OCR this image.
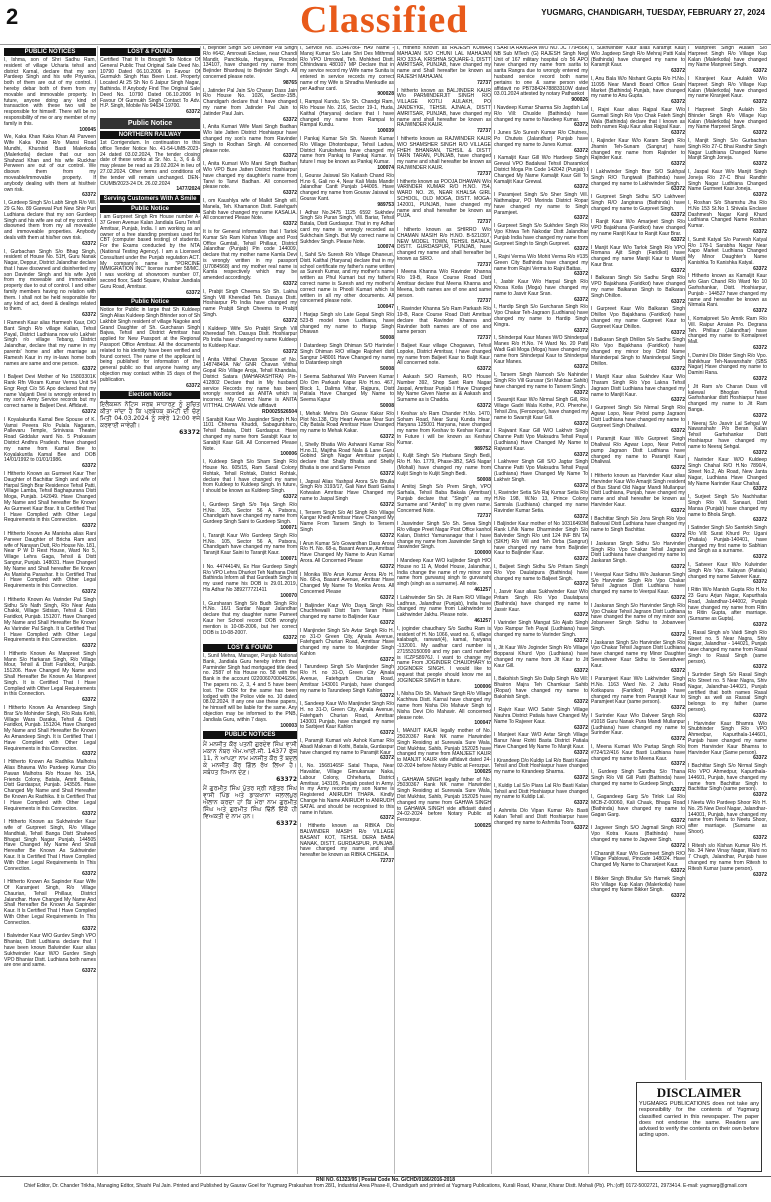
2	Classified	YUGMARG, CHANDIGARH, TUESDAY, FEBRUARY 27, 2024
PUBLIC NOTICES
I, Ishma, son of Shri Sadhu Ram, resident of village Ucharia tehsil and district Karnal, declare that my son Pardeep Singh and his wife Priyanka, both of them are out of my control. I hereby debar both of them from my movable and immovable property. In future, anyone doing any kind of transaction with these two will be responsible for himself. There will be no responsibility of me or any member of my family in this.
100045
We, Kaka Khan Kaka Khan Ali Parveen Wife Kaka Khan R/o Mansi Road Mundhi, Khurshid Basti Malerkotla (Malerkotla) declare that our son Shahzad Khan and his wife Ruckhar Perween are out of our control. We disown them from my moveable/immovable property. If anybody dealing with them at his/their own risk.
63372
I, Gurdeep Singh S/o Labh Singh R/o Vill. 29 G.No. 89 Garewal Puri New Shiv Puri Ludhiana declare that my son Gurdeep Singh and his wife are out of my control. I disowned them from my all moveable and immoveable properties. Anybody deals with them at his/her own risk.
63372
I, Gurbachan Singh S/o Bhag Singh, resident of House No. 51H, Guru Nanak Nagar, Deppur, District Jalandhar declare that I have disowned and disinherited my son Davinder Singh and his wife Jyoti from my moveable and immoveable property due to out of control. I and other family members having no relation with them. I shall not be held responsible for any kind of act, deed & dealings related to them.
63372
I Ramesh Kaur alias Harmesh Kaur, D/O Bant Singh R/o village Kalian, Tehsil Payal, District Ludhiana now w/o Lakhvir Singh r/o village Tebang, District Jalandhar, declare that my name in my parents' home and after marriage as Ramesh Kaur in my in-laws home both names are same and one person.
63372
I Baljeet Devi Mother of No 15803301K Rank Rfn Vikram Kumar Verma Unit 54 Engr Regt C/o 56 Apo declared that my name Valjanti Devi is wrongly entered in my son's Army Service records but my correct name is Baljeet Devi. Affidavit.
63372
I Koyalakuntla Kamal Bee Spouse of K. Vamsi Peeera R/o Pulala Nagaram, Pallevaru Temple, Srinivasa Theater Road Giddalur ward No. 5 Prakasam District Andhra Pradesh. Have changed my name from Kamal Bee to Koyalakuntla Kamal Bee and DOB 14/01/1992 to 01/01/1986.
63372
I Hitherto Known as Gurmeet Kaur Ther Daughter of Bachittar Singh and wife of Harpal Singh Brar Residence Tehsil Patti, Village Lamba, Tehsil Baghapurana Distt Moga, Punjab. 142049. Have Changed My Name and Shall hereafter Be Known As Gurmeet Kaur Brar. It is Certified That I Have Complied with Other Legal Requirements in this Connection.
63372
I Hitherto Known As Manisha alias Rani Parveer Daughter of Bricha Ram and wife of Narayan Dutt, R/o House No. 181, Near P W D Rest House, Ward No 5, Village Lehra Gaga, Tehsil & Distt Sangrur, Punjab. 148031. Have Changed My Name and Shall hereafter Be Known As Manisha Parashar. It is Certified That I Have Complied with Other Legal Requirements in this Connection.
63372
I Hitherto Known As Varinder Pal Singh Sidhu S/o Nath Singh, R/o Near Aata Chakki, Village Sidsian, Tehsil & Distt Faridkot, Punjab. 151207. Have Changed My Name and Shall Hereafter Be Known As Varinder Pal Singh. It is Certified That I Have Complied with Other Legal Requirements in this Connection.
63372
I Hitherto Known As Manpreet Singh Mann S/o Harkaran Singh, R/o Village Mour, Tehsil & Distt Faridkot, Punjab. 151206. Have Changed My Name and Shall Hereafter Be Known As Manpreet Singh. It is Certified That I Have Complied with Other Legal Requirements in this Connection.
63372
I Hitherto Known As Amandeep Singh Brar S/o Mohinder Singh, R/o Rata Kehli, Village Wara Daraka, Tehsil & Distt Faridkot, Punjab. 151204. Have Changed My Name and Shall Hereafter Be Known As Amandeep Singh. It is Certified That I Have Complied with Other Legal Requirements in this Connection.
63372
I Hitherto Known As Radhika Malhotra Alias Bhawna W/o Pardeep Kumar D/o Pawan Malhotra R/o House No. 15A, Friends Colony, Batala, Amrit Batala, Distt Gurdaspur, Punjab. 143505. Have Changed My Name and Shall Hereafter Be Known As Radhika. It is Certified That I Have Complied with Other Legal Requirements in this Connection.
63372
I Hitherto Known as Sukhwinder Kaur wife of Gurpreet Singh, R/o Village Mandhiali, Tehsil Banga Distt Shaheed Bhagat Singh Nagar Punjab, 144505 Have Changed My Name And Shall Hereafter Be Known As Sukhwinder Kaur. It is Certified That I Have Complied With Other Legal Requirements In This Connection.
63372
I Hitherto Known As Sapinder Kaur Wife Of Karamjeet Singh, R/o Village Chaurian, Tehsil Phillaur, District Jalandhar. Have Changed My Name And Shall Hereafter Be Known As Sapinder Kaur. It Is Certified That I Have Complied With Other Legal Requirements In This Connection.
63372
I Balwinder Kaur W/O Gurdev Singh VPO Bhaniar, Distt Ludhiana declare that I have been known Balwinder Kaur alias Sukhwinder Kaur W/O Gurdev Singh VPO Bhaniar Distt. Ludhiana both names are one and same.
63372
LOST & FOUND
Certified That It Is Brought To Notice Of General Public That Original Sale Deed No. 10790 Dated 06.10.2006 in Favour Of Gurmukh Singh Has Been Lost. Property Located At 25 Sh No 6 Jaipur Singh Nagar, Bathinda. If Anybody Find The Original Sale Deed No. 10790 Dated 06.10.2006 In Favour Of Gurmukh Singh Contact To Adv. H.P. Singh, Mobile No 94634 19700.
63372
Public Notice
NORTHERN RAILWAY
1st Corrigendum. In continuation to this office Tender Notice No. 41-54-UMB-2023-24 dated 03.02.2024, The tender closing date of these works at Sr. No. 1, 3, 6 & 8 may please be read as 29.02.2024 in lieu of 27.02.2024. Other terms and conditions of the tender will remain unchanged. DEN-C/UMB/2023-24 Dt. 26.02.2024
1477/2024
Serving Customers With A Smile
Public Notice
I am Gurpreet Singh Rm House number A-37 Green Avenue Kalan Jandiala Guru Tehsil Amritsar, Punjab, India. I am working as an owner of a free standing premises used for CBT (computer based testing) of students. For the Exams conducted by the NTA (National Testing Agency). I am a Licensed Consultant under the Punjab regulation ACT. My company's name is "PORCINE IMMIGRATION INC" license number 58/MC. I was working at showroom number 07, second floor, Sadd Square, Khalsar Jandiala Guru Road, Amritsar.
63372
Public Notice
Notice for Public in large that Sh Kuldeep Singh Alias Kuldeep Singh Bhinder son of Sh Lakhbir Singh resident of village Nagoke and Grand Daughter of Sh. Gurcharan Singh Bajwa, Tehsil and District Amritsar has applied for New Passport at the Regional Passport Office Amritsar. All the documents related to his identity have been verified and found correct. The name of the applicant is being published for information of the general public so that anyone having any objection may contact within 15 days of the publication.
63372
Election Notice
ਇਲੈਕਸ਼ਨ ਨੋਟਿਸ ਸਰਬ ਸਾਧਾਰਣ ਨੂੰ ਸੂਚਿਤ ਕੀਤਾ ਜਾਂਦਾ ਹੈ ਕਿ ਪ੍ਰਬੰਧਕ ਕਮੇਟੀ ਦੀ ਚੋਣ ਮਿਤੀ 04.03.2024 ਨੂੰ ਸਵੇਰੇ 12:00 ਵਜੇ ਕਰਵਾਈ ਜਾਵੇਗੀ।
63372
I, Bejinder Singh S/o Devinder Pal Singh R/o #642, Amrovati Enclave, near Chandi Mandir, Panchkula, Haryana, Pincode 134107, have changed my name from Bejinder Bhardwaj to Bejinder Singh. All concerned please note.
98765
I, Jatinder Pal Jain S/o Charan Dass Jain R/o House No. 1026, Sector-15B, Chandigarh declare that I have changed my name from Jatinder Pal Jain to Jatinder Paul Jain.
63372
I, Anita Kumari Wife Mani Singh Badhan W/o late Jatten District Hoshiarpur have changed my son's name from Ravinder Singh to Rodhan Singh. All concerned please note.
63372
I, Anita Kumari W/o Mani Singh Badhan W/o VPO Bure Jatten District Hoshiarpur have changed my daughter's name from Tanvi to Tanvi Badhan. All concerned please note.
63372
I, om Kaushlya wife of Malkit Singh vill. Manela, Teh. Khamanon Distt. Fatehgarh Sahib have changed my name KASALIA. All concerned Please Note.
63372
It is for General information that I Tarlok Kumar S/o Ram Kishan Village and Post Office Gumtali, Tehsil Phillaur, District Jalandhar (Punjab) Pin code 144009, declare that my mother name Kamla Devi is wrongly written in my passport (U7084568) and my mother real name is Kamla respectively which may be amended accordingly.
63372
I, Prabjit Singh Cheema S/o Sh. Lakha Singh Vill Kheredad Teh. Dasuya Distt. Hoshiarpur Pb India have changed my name Prabjit Singh Cheema to Prabjit Singh.
63372
I Kuldeep Wife S/o Prabjit Singh Vill Kheredad Teh. Dasuya Distt. Hoshiarpur Pb India have changed my name Kuldeep to Kuldeep Kaur.
63372
I Anita Vitthal Chavan Spouse of No. 14874840A Nk/ GNR Chavan Vitthal Gopal R/o Village Aroja, Tehsil Khandala, District Satara (MAHARASHTRA) Pin-412802 Declare that in My husband service Records my name has been wrongly recorded as ANITA which is incorrect. My Correct Name is ANITA VITTHAL CHAVAN. Vide affidavit
RD0025526504
I Sarabjit Kaur W/o Jaspinder Singh H.No 1101 Chhema Khuddi, Sabagunbharo, Tehsil Batala, Distt Gurdaspur. Have changed my name from Sarabjit Kaur to Sarabjit Kaur Gill. All Concerned Please Note.
100006
I, Kuldeep Singh S/o Sham Singh R/o House No. 605/15, Ram Sarail Colony Rohtak, Tehsil Rohtak, District Rohtak, declare that I have changed my name from Kuldeep to Kuldeep Singh. In future, I should be known as Kuldeep Singh.
63372
I, Gurdeep Singh S/o Teja Singh R/o H.No. 105, Sector 56 A, Patsora, Chandigarh have changed my name from Gurdeep Singh Saini to Gurdeep Singh.
100071
I, Taranjit Kaur W/o Gurdeep Singh R/o H.No. 105, Sector 56 A, Patsora, Chandigarh have changed my name from Taranjit Kaur Saini to Taranjit Kaur.
100071
I No. 4474414N, Ex Hav Gurdeep Singh R/o VPO Lehra Dhurkot Teh Nathana Distt Bathinda Inform all that Gurdeath Singh is my used name his DOB is 29.01.2019, His Adhar No 389277721411
100070
I, Gursharan Singh S/o Budh Singh R/o H.No. 16/1 Sardar Nagar Jalandhar declare that my daughter name Parneet Kaur her School record DOB wrongly mention is 10-08-2006, but her correct DOB is 10-08-2007.
63372
LOST & FOUND
I, Sunil Mehra, Manager, Punjab National Bank, Jandiala Guru hereby inform that Parminder Singh had mortgaged title deed no. 2587 of his House no. 58 with the Bank in the account 0220060700046296. The papers no. 2, 3, 4 and 5 have been lost. The ODR for the same has been lodged with the Police vide no. 10 dated 08.02.2024. If any one use these papers, he himself will be liable for the same. Any objection may be informed to the PNB, Jandiala Guru, within 7 days.
100003
PUBLIC NOTICES
ਮੈਂ ਮਨਜੀਤ ਕੌਰ ਪਤਨੀ ਗੁਰਦੇਵ ਸਿੰਘ ਵਾਸੀ ਮਕਾਨ ਨੰਬਰ ਐਮ.ਆਈ.ਜੀ. 14377 ਫੇਜ਼ 11, ਨੇ ਆਪਣਾ ਨਾਮ ਮਨਜੀਤ ਕੌਰ ਤੋਂ ਬਦਲ ਕੇ ਮਨਜੀਤ ਕੌਰ ਗਿੱਲ ਰੱਖ ਲਿਆ ਹੈ। ਸਬੰਧਤ ਧਿਆਨ ਦੇਣ।
63372
ਮੈਂ ਗੁਰਮੀਤ ਸਿੰਘ ਪੁੱਤਰ ਸ੍ਰੀ ਨਛੱਤਰ ਸਿੰਘ ਵਾਸੀ ਪਿੰਡ ਅਤੇ ਡਾਕਖਾਨਾ ਜਲਾਲਪੁਰ ਐਲਾਨ ਕਰਦਾ ਹਾਂ ਕਿ ਮੇਰਾ ਨਾਮ ਗੁਰਮੀਤ ਸਿੰਘ ਅਤੇ ਗੁਰਮੀਤ ਸਿੰਘ ਢਿੱਲੋਂ ਇੱਕੋ ਹੀ ਵਿਅਕਤੀ ਦੇ ਨਾਮ ਹਨ।
63372
I, Service No. 15346786F HAV Name - Manoj Kumar S/o Late Shri Des Mithrmal R/o VPO Umrowal, Teh. Mohkhed Distt. Chhindwara 480107 MP Declare that in my service record my Wife name Sunita is entered in service records my correct name of my Wife is Shradha Menkudle as per Aadhar card.
900028
I, Rampal Kundu, S/o Sh. Chandgi Ram, R/o House No. 216, Sector 19-1, Huda, Kaithal (Haryana) declare that I have changed my name from Rampal to Rampal Kundu.
100039
I Pankaj Kumar S/o Sh. Naresh Kumar R/o Village Dhotonbapur, Tehsil Ladwa, District Kurukshetra have changed my name from Pankaj to Pankaj Kumar. In future I may be known as Pankaj Kumar.
100074
I, Gourav Jaiswal S/o Kailash Chand R/o H.no 6, Gali no 4, Near Kali Mata Mandir Jalandhar Cantt Punjab 144005. Have changed my name from Gourav Jaiswal to Gourav Kant.
989753
I Adhar No.3475 1125 6592 Sukhdev Singh S/o Puran Singh, Vill. Bariar, Tehsil Batala, Distt Gurdaspur. That in my Adhar card my name is wrongly recorded as Sukhchain Singh. But My correct name is Sukhdev Singh. Please Note.
100074
I, Sahil S/o Suresh R/o Village Dhaneuri, Distt. Kaithal (Haryana) declare that in my school certificate my father's name written as Suresh Kumar, and my mother's name written as Phul Kumari but my father's correct name is Suresh and my mother's correct name is Phooli Kumari which is written in all my other documents. All concerned please note.
100047
I Harjap Singh s/o Late Gopal Singh R/o 523-B model town Ludhiana, have changed my name to Harjap Singh Dhawan
50008
I Datardeep Singh Dhiman S/O Harinder Singh Dhiman R/O village Rajoheri distt Sangrur 148001 Have Changed my name to Datardeep singh
50008
I Seema Sabharwal W/o Parveen Kumar D/o Om Parkash Kapur R/o H.no. 467, Block 1, Dalima Vihar, Rajpura, Distt Patiala Have Changed My Name to Seema Kapur
50008
I, Mehak Mehra D/o Gourav Kakar R/o Plot No.138, City Heart Avenue Near Sun City Batala Road Amritsar Have Changed my name to Mehak Kakar.
63372
I, Shelly Bhatia W/o Ashwani Kumar R/o H.no.11, Majitha Road Nala & Lane Guru Gobind Singh Nagar Amritsar punjab declare that Shally Bhatia and Shelly Bhatia is one and Same Person
63372
I, Japsal Alias Yashpal Arora S/o Bhulla Singh R/o 3193/17, Gali Navi Basti Gaina Kotwalan Amritsar Have Changed my name to Jaspal Singh
63372
I, Tersem Singh S/o Atl Singh R/o Village Kangar Khedi Amritsar Have Changed My Name From Tarsem Singh to Tersem Singh
63372
I Arun Kumar S/o Gowardhan Dass Arora R/o H. No. 68-a, Basant Avenue, Amritsar Have Changed My Name to Arun Kumar Arora. All Concerned Please
63372
I Monika W/o Arun Kumar Arora R/o H. No. 68-a, Basant Avenue, Amritsar Have Changed My Name To Monika Arora. All Concerned Please
63372
I Baljinder Kaur W/o Daya Singh R/o Chuchhewalli Distt Tarn Taran Have changed my name to Baljinder Kaur
63372
I Manjinder Singh S/o Avtar Singh R/o H. no 31-D Green City, Ajnala Avenue, Fatehgarh Churian Road, Amritsar Have changed my name to Manjinder Singh Kahlon
63372
I Tarundeep Singh S/o Manjinder Singh R/o H. no 31-D, Green City Ajnala Avenue, Fatehgarh Churian Road, Amritsar 143001 Punjab, have changed my name to Tarundeep Singh Kahlon
63372
I, Sandeep Kaur W/o Manjinder Singh R/o H. no 31-D, Green City, Ajnala Avenue, Fatehgarh Churian Road, Amritsar 143001 Punjab, have changed my name to Sarbjeet Kaur Kahlon
63372
I, Paramjit Kumari w/o Ashok Kumar R/o Abadi Maknan di Kothi, Batala, Gurdaspur have changed my name to Paramjit Kaur
63372
I, No. 15681465F Satal Thapa, Near Havaldar, Village Gimukanuar Naka, Labour Colony, Chheharta, District Amritsar, 143105, Punjab posted in Army. In my Army records my son Name is Registered ANIRUDH THAPA. Kindly Change his Name ANIRUDH to ANIRUDH SATAL and should be recognised to this name in future.
63372
I Hitherto known as RIBKA D/o BALWINDER MASIH R/o VILLAGE BASANT KOT, TEHSIL DERA BABA NANAK, DISTT. GURDASPUR, PUNJAB, have changed my name and shall hereafter be known as RIBKA CHEEDA.
72737
I, Hitherto Known as RAJESH KUMAR MAHAJAN S/O CHUNI LAL MAHAJAN R/O 333-A, KRISHNA SQUARE-1, DISTT AMRITSAR, PUNJAB, have changed my name and Shall hereafter be known as RAJESH MAHAJAN.
72737
I hitherto known as BALJINDER KAUR W/o PARMINDERJIT SINGH R/O VILLAGE KOTLI AULAKH, PO JANDEYKE, TEHSIL AJNALA, DISTT AMRITSAR, PUNJAB, have changed my name and shall hereafter be known as RAJWINDER KAUR.
72737
I hitherto known as RAJWINDER KAUR W/O SHAMSHER SINGH R/O VILLAGE FHEH BHANRAN, TEHSIL & DISTT TARN TARAN, PUNJAB, have changed my name and shall hereafter be known as RAJWINDER KAUR.
72737
I hitherto known as POOJA DHAWAN W/o VARINDER KUMAR R/O H.NO. 754, WARD NO. 26, NEAR KHALSA GIRL SCHOOL, OLD MOGA, DISTT. MOGA-142001, PUNJAB, have changed my name and shall hereafter be known as PUJA.
72737
I hitherto known as SHIRRO W/o CHAMAN MASIH R/o H.NO. B-521/397, NEW MODEL TOWN, TEHSIL BATALA, DISTT. GURDASPUR, PUNJAB, have changed my name and shall hereafter be known as SIRO.
72737
I Meena Khanna W/o Ravinder Khanna R/o 19-B, Race Course Road Distt Amritsar declare that Meena Khanna and Meena, both names are of one and same person.
72737
I, Ravinder Khanna S/o Ram Parkash R/o 19-B, Race Course Road Distt Amritsar declare that Ravinder Khanna and Ravinder both names are of one and same person
72737
I Baljeet Kaur village Chogawan, Tehsil Lopoke, District Amritsar, I have changed my name from Baljeet Kaur to Baljit Kaur. All concerned note.
63372
I Aakash S/O Ramesh, R/O House Number 392, Shop Sant Ram Nagar Jaspal, Amritsar Punjab I Have Changed My Name Given Name as & Aakash and Surname as is Chadda.
63372
I Keshav s/o Ram Chander H.No. 1470, Soham Road, Near Suraj Kunda Hisar, Haryana 125001 Haryana, have changed my name from Keshav to Keshav Kumar. In Future i will be known as Keshav Kumar.
989752
I, Kuljit Singh S/o Harbans Singh Bedi, R/o H. No. 1779, Phase-3B2, SAS Nagar (Mohali) have changed my name from Kuljit Singh to Kuljit Singh Bedi.
50008
I Amitoj Singh S/o Prem Singh, VPO Sarhala, Tehsil Baba Bakala (Amritsar) Punjab declare that "Singh" as my Surname and "Amitoj" is my given name. Concerned Note.
72737
I Jaswinder Singh S/o Sh. Sewa Singh R/o village Preet Nagar Post Office kanhol Kalan, District Yamunanagar that I have change my name from Jaswinder Singh to Jaswinder Singh.
100000
I Mandeep Kaur W/O kuljinder Singh H/O House no 11 A, Model House, Jalandhar, India change the name of my minor son name from gurwansj singh to gurvanshj singh (singh as a surname). All note.
461257
I Lakhwinder Sin Sh. Jit Ram R/O Village Ladhran, Jalandhar (Punjab), India have changed my name from Lakhwinder to Lakhwinder Jakhu. Please note.
461257
I, joginder chaudhary S/o Sadhu Ram is resident of H. No 1066, ward no. 6, village kalabagh, ranwari(4), kamal, haryana -132001. My aadhar card number is 271553150099 and my pan card number is ICZPS8976J. I want to change my name From JOGINDER CHAUDHARY to JOGINDER SINGH. I would like to request that people should know me as JOGINDER SINGH in future.
100006
I, Nisha D/o Sh. Mahavir Singh R/o Village Kachhwa Distt. Karnal have changed my name from Nisha D/o Mahavir Singh to Nisha Devi D/o Mahavir. All concerned please note.
100047
I, MANJIT KAUR legally mother of No. 25020367 Rank NK name Harwinder Singh Residing at Surewala Sure Wala, Dist Mukhtar, Sahib, Punjab 152025 have changed my name from MANJEET KAUR to MANJIT KAUR vide affidavit dated 24-02-2024 before Notary Public at Ferozpur.
100025
I, GAHAWA SINGH legally father of No. 25030367 Rank NK name Harwinder Singh Residing at Surewala Sure Wala, Dist Mukhtar, Sahib, Punjab 152025 have changed my name from GAHWA SINGH to GAHAWA SINGH vide affidavit dated 24-02-2024 before Notary Public at Ferozepur.
100025
I SARITA RANGRA W/O NO. JC 779456K NB Sub MTech (G) RAJESH Singh Negi Unit of 167 military hospital c/o 56 APO have changed my name from sarita to sarita Rangra due to wrongly entered my husband service record both name pertains to one & same person vide affidavit no PB73842478883310W dated 03.01.2024 attested by notary Pathankot
900026
I Navdeep Kumar Sharma S/o Jagdish Lal R/o Vill: Chuslde (Bathinda) have changed my name to Navdeep Kumar.
63372
I Junes S/o Suresh Kumar R/o Chutnes, Po Chutwis (Jalandhar) Punjab have changed my name to Junes Kumar.
63372
I Kamaljit Kaur Gill W/o Hardeep Singh Grewal VPO Badalwal Tehsil Dharamkot District Moga Pin Code 142042 (Punjab) I Changed My Name Kamaljit Kaur Gill To Kamaljit Kaur Grewal.
63372
I Paramjeet Singh S/o Sher Singh Vill. Nathmalpur, PO Morinda District Ropar have changed my name to Singh Paramjeet.
63372
I Gurpreet Singh S/o Sukhdev Singh R/o Vpo Khiwa Teh Nakodar Distt Jalandhar Punjab India have changed my name from Gurpreet Singh to Singh Gurpreet.
63372
I, Rajni Verma W/o Mohit Verma R/o #135 Green City Bathinda have changed my name from Rajni Verma to Rajni Battas.
63372
I, Jasbir Kaur W/o Harpal Singh R/o Khosa Kotla (Moga) have changed my name to Jasvir Kaur Sran.
63372
I, Hardip Singh S/o Gurcharan Singh R/o Vpo Chakar Teh-Jagraon (Ludhiana) have changed my name to Hardip Singh Kingra.
63372
I, Shinderpal Kaur Manes W/O Shinderpal Manes R/o H.No. 74 Ward No. 20 Patti Wadi Gali Moga (Moga) have changed my name from Shinderpal Kaur to Shinderpal Kaur Manes.
63372
I, Tarsem Singh Namosh S/o Nahinder Singh R/o Vill Gurusar (Sri Muktsar Sahib) have changed my name to Tarsem Singh.
63372
I Swarnjit Kaur W/o Nirmal Singh Gill, R/o Village Gadri Wala Kothe, P.O. Pherohe, Tehsil Zira, (Ferozepur), have changed my name to Swarnjit Kaur Gill.
63372
I Rajwant Kaur Gill W/O Lakhvir Singh Channe Patti Vpo Maksudra Tehsil Payal (Ludhiana) Have Changed My Name to Rajwant Kaur.
63372
I Lakhveer Singh Gill S/O Jagtar Singh Channe Patti Vpo Maksudra Tehsil Payal (Ludhiana) Have Changed My Name To Lakhvir Singh.
63372
I, Ravinder Setia S/o Raj Kumar Setia R/o H.No 198, W.No 13, Prince Colony Samrala (Ludhiana) changed my name Ravinder Kumar Setia.
63372
I Baljinder Kaur mother of No 10316493M Rank L/Nk Name Dharminder Singh S/o Balvinder Singh R/o unit 124 INF BN TA (SIKH) R/o Vill and Teh Dirba (Sangrur) have changed my name from Baljinder Kaur to Baljinder Kaur.
63372
I, Baljeet Singh Sidhu S/o Pritam Singh R/o Vpo Daulatpura (Bathinda) have changed my name to Baljeet Singh.
63372
I, Jasvir Kaur alias Sukhwinder Kaur W/o Pritam Singh R/o Vpo Daulatpura (Bathinda) have changed my name to Jasvir Kaur.
63372
I Varinder Singh Mangat S/o Ajaib Singh Vpo Rampur Teh Payal (Ludhiana) have changed my name to Varinder Singh.
63372
I, Jit Kaur W/o Joginder Singh R/o Village Bopparai Khurd Vpo (Ludhiana) have changed my name from Jit Kaur to Jit Kaur Gill.
63372
I, Bakshish Singh S/o Dalip Singh R/o Vill: Bhairon Majra Teh Chamkaur Sahib (Ropar) have changed my name to Bakshish Singh.
63372
I Rajvir Kaur W/O Satvir Singh Village Nauhra District Patiala have Changed My Name To Rajveer Kaur.
63372
I Manjeet Kaur W/O Avtar Singh Village Banur Near Rohti Basta District Patiala Have Changed My Name To Manjit Kaur.
63372
I Kirandeep D/o Kuldip Lal R/o Basti Kalan Tehsil and Distt Hoshiarpur have changed my name to Kirandeep Sharma.
63372
I, Kuldip Lal S/o Piara Lal R/o Basti Kalan Tehsil and Distt Hoshiarpur have changed my name to Kuldip Lal.
63372
I Ashmita D/o Vipan Kumar R/o Basti Kalan Tehsil and Distt Hoshiarpur have changed my name to Ashmita Toora.
63372
I, Sukhwinder Kaur alias Karamjit Kaur W/o Jagdeep Singh R/o Mehraj Patti Kala (Bathinda) have changed my name to Karamjit Kaur.
63372
I, Anu Bala W/o Nishant Gupta R/o H.No. 11095 Near Mandi Board Office Grain Market (Bathinda) Punjab, have changed my name to Anu Gupta.
63372
I, Rajni Kaur alias Rajpal Kaur W/o Gurmail Singh R/o Vpo Chak Fateh Singh Wala (Bathinda) declare that I known as both names Raju Kaur alias Rajpal Kaur.
63372
I, Rajinder Kaur W/o Karam Singh R/o Jhamin Teh-Sunam (Sangrur) have changed my name from Rajinder to Rajinder Kaur.
63372
I Lakhwinder Singh Brar S/O Sukhpal Singh R/O Tungiwali (Bathinda) have changed my name to Lakhwinder Singh.
63372
I Gurpreet Singh Sidhu S/O Lakhveer Singh R/O Jangirana (Bathinda) have changed my name to Gurpreet Singh.
63372
I Ranjit Kaur W/o Amarjeet Singh R/o VPO Bajakhana (Faridkot) have changed my name Ranjit Kaur to Ranjit Kaur Brar.
63372
I Manjit Kaur W/o Tarlok Singh R/o VPO Romana Ajit Singh (Faridkot) have changed my name Manjit Kaur to Manjit Kaur Brar.
63372
I Balkaran Singh S/o Sadhu Singh R/o VPO Bajakhana (Faridkot) have changed my name Balkaran Singh to Balkaran Singh Dhillon.
63372
I Gurpreet Kaur W/o Balkaran Singh Dhillon Vpo Bajakhana (Faridkot) have changed my name Gurpreet Kaur to Gurpreet Kaur Dhillon.
63372
I Balkaran Singh Dhillon S/o Sadhu Singh R/o Vpo Bajakhana (Faridkot) have changed my minor boy Child Name Maninderpal Singh to Maninderpal Singh Dhillon.
63372
I Manjit Kaur alias Sukhdev Kaur W/o Tharam Singh R/o Vpo Lakna Tehsil Jagraon Distt Ludhiana have changed my name to Manjit Kaur.
63372
I Gurpreet Singh S/o Nirmal Singh R/o Agwar Lopo, Near Petrol pump Jagraon Distt Ludhiana have changed my name to Gurpreet Singh Dhaliwal.
63372
I Paramjit Kaur W/o Gurpreet Singh Dhaliwal R/o Agwar Lopo, Near Petrol pump Jagraon Distt Ludhiana have changed my name to Paramjit Kaur Dhaliwal.
63372
I Hitherto known as Harvinder Kaur alias Harvinder Kaur W/o Amarjit Singh resident of Bus Stand Old Nagar Mandi Mullanpur Distt Ludhiana, Punjab, have changed my name and shall hereafter be known as Harvinder Kaur.
63372
I Bachittar Singh S/o Jora Singh R/o Vpo Ballowal Distt Ludhiana have changed my name to Singh Bachittar.
63372
I Jaskaran Singh Sidhu S/o Harvinder Singh R/o Vpo Chakar Tehsil Jagraon Distt Ludhiana have changed my name to Jaskaran Singh.
63372
I Veerpal Kaur Sidhu W/o Jaskaran Singh S/o Harvinder Singh R/o Vpo Chakar Tehsil Jagraon Distt Ludhiana have changed my name to Veerpal Kaur.
63372
I Jaskaran Singh S/o Harvinder Singh R/o Vpo Chakar Tehsil Jagraon Distt Ludhiana have changed the name of my minor son Jobanveer Singh Sidhu to Jobanveer Singh.
63372
I Jaskaran Singh S/o Harvinder Singh R/o Vpo Chakar Tehsil Jagraon Distt Ludhiana have changed name my Minor Daughter Seerattveer Kaur Sidhu to Seerattveer Kaur.
63372
I Paramjeet Kaur W/o Lakhvinder Singh H.No. 1163 Ward No. 2 Jaitu Road Kotkapura (Faridkot) Punjab have changed my name from Paramjit Kaur to Paramjeet Kaur (same person).
63372
I Surinder Kaur W/o Dalveer Singh R/o #1018 Guru Nanak Pura Mandi Mullanpur (Ludhiana) have changed my name to Surinder Kaur.
63372
I, Meena Kumari W/o Partap Singh R/o #724/12/416 Kaur Basti Ludhiana have changed my name to Meena Kaur.
63372
I, Gurdeep Singh Sandhu S/o Thana Singh R/o Vill Gill Patti (Bathinda) have changed my name to Gurdeep Singh.
63372
I, Gagandeep Garg S/o Tirlok Lal R/o MCB-Z-00060, Kali Chauk, Bhagu Road (Bathinda) have changed my name to Gagan Garg.
63372
I Jagveer Singh S/O Jagmail Singh R/O Vpo Kotra Kaura (Bathinda) have changed my name to Jagveer Singh.
63372
I Charanjit Kaur W/o Gurmeet Singh R/O Village Pablowal, Pincode 148024. Have Changed My Name to Charanjeet Kaur.
63372
I Bikker Singh Bhullar S/o Harnek Singh R/o Village Kup Kalan (Malerkotla) have changed my Name Bikker Singh.
63372
I Manpreet Singh Aulakh S/o Harpreet Singh R/o Village Kup Kalan (Malerkotla) have changed my Name Manpreet Singh.
63372
I Kiranjeet Kaur Aulakh W/o Harpreet Singh R/o Village Kup Kalan (Malerkotla) have changed my name Kiranjeet Kaur.
63372
I Harpreet Singh Aulakh S/o Bhinder Singh R/o Village Kup Kalan (Malerkotla) have changed my Name Harpreet Singh.
63372
I, Manjit Singh S/o Gurbachan Singh R/o 27-C Bhai Randhir Singh Nagar Ludhiana Changed Name Manjit Singh Joneja.
63372
I, Jaspal Kaur W/o Manjit Singh Joneja R/o 27-C Bhai Randhir Singh Nagar Ludhiana Changed Name Gurmeet Kaur Joneja.
63372
I, Roshan S/o Shamshu Jha R/o H.No 153 St.No 1 Shivala Enclave Dashmesh Nagar Kanji Khurd Ludhiana Changed Name Roshan Kumar.
63372
I, Sumit Katyal S/o Parvesh Katyal R/o 178-1 Sarabha Nagar Near Kapo Market Ludhiana Changed My Minor Daughter's Name Kanishka To Kanishka Katyal.
63372
I Hitherto known as Kamaljit Kaur w/o Gian Chand R/o Ward No 10 Garhshankar, Distt. Hoshiarpur, Punjab - 144527 have changed my name and hereafter be known as Nirmala Rani.
63372
I, Komalpreet S/o Amrik Ram R/o Vill. Raipur Arraian Po. Degrana Teh. Phillaur (Jalandhar) have changed my name to Komalpreet Mall.
63372
I, Damini D/o Dilder Singh R/o Vpo. Bahikhuar Teh-Nawanshahr (SBS Nagar) Have changed my name to Damini Rana.
63372
I Jit Ram s/o Charan Dass vill kalewal Bhoglan Tehsil Garhshankar distt Hoshiarpur have changed my name to Jit Ram Banga.
63372
I Neeraj S/o Jasvir Lal Sehgal W Nawanshahr P/o Beran Kalan Tehsil Garhshankar Distt Hoshiarpur have changed my name to Neeraj Sehgal.
63372
I Narinder Kaur W/O Kuldeep Singh Chahal R/O H.No 7890/4, Street No.2, Ab Road, New Janta Nagar, Ludhiana Have Changed My Name Narinder Kaur Chahal.
63372
I, Surjeet Singh S/o Nachhattar Singh R/o Vill. Sanauri, Distt Mansa (Punjab) have changed my name to Bhola Singh.
63372
I Satinder Singh S/o Santokh Singh R/o Vill: Surat Khurd Po: Ugani (Patiala) Punjab-140401, have changed my first name to Sabhian and Singh as a surname.
63372
I, Satveer Kaur W/o Kulwinder Singh R/o Vpo. Kalayan (Patiala) changed my name Satveer Kaur.
63372
I Ritin W/o Manish Gupta R/o H.No 23 Guru Arjun Nagar, Kapurthala Road, Jalandhar-144002, Punjab have changed my name from Ritin to Ritin Gupta, after marriage. (Surname as Gupta).
63372
I, Rasal Singh s/o Vaidi Singh R/o Street no. 5 Near Nagra, Shiv Nagar, Jalandhar - 144021, Punjab have changed my name from Rasal Singh to Rasal Singh (same person).
63372
I Surinder Singh S/o Rasal Singh R/o Street no. 5 Near Nagra, Shiv Nagar, Jalandhar-144021, Punjab certified that both names Rasal Singh as well as Rassal Singh belongs to my father (same person).
63372
I Harvinder Kaur Bhamra W/o Shubhinder Singh R/o VPO Ahmedpur, Kapurthala-144601, Punjab have changed my name from Harvinder Kaur Bhamra to Harvinder Kaur (Same person).
63372
I Bachittar Singh S/o Nirmal Singh R/o VPO Ahmedpur, Kapurthala-144601, Punjab, have changed my name from Bachittar Singh to Bachittar Singh (same person).
63372
I Neetu W/o Pardeep Shoor R/o H. No. 25 New Deol Nagar, Jalandhar-144001, Punjab, have changed my name from Neetu to Neetu Shoor, after marriage. (Surname as Shoor).
63372
I Ritesh s/o Kishan Kumar R/o H. No. 34 New Vinay Nagar, Ward no 7 Chugh, Jalandhar, Punjab have changed my name from Ritesh to Ritesh Kumar (same person).
63372
DISCLAIMER
YUGMARG PUBLICATIONS does not take any responsibility for the contents of Yugmarg classified carried in this newspaper. The paper does not endorse the same. Readers are advised to verify the contents on their own before acting upon.
RNI NO. 61323/95 | Postal Code No. G/CHD/0186/2016-2018
Chief Editor, Dr. Chander Trikha, Managing Editor, Shashi Pal Jain. Printed and Published by Gaurav Goel for Yugmarg Prakashan from 28/1, Industrial Area Phase-II, Chandigarh and printed at Yugmarg Publications, Kurali Road, Kharar, Kharar Distt. Mohali (Pb). Ph.:(off) 0172-5002721, 2973414. E-mail: yugmarg@gmail.com
